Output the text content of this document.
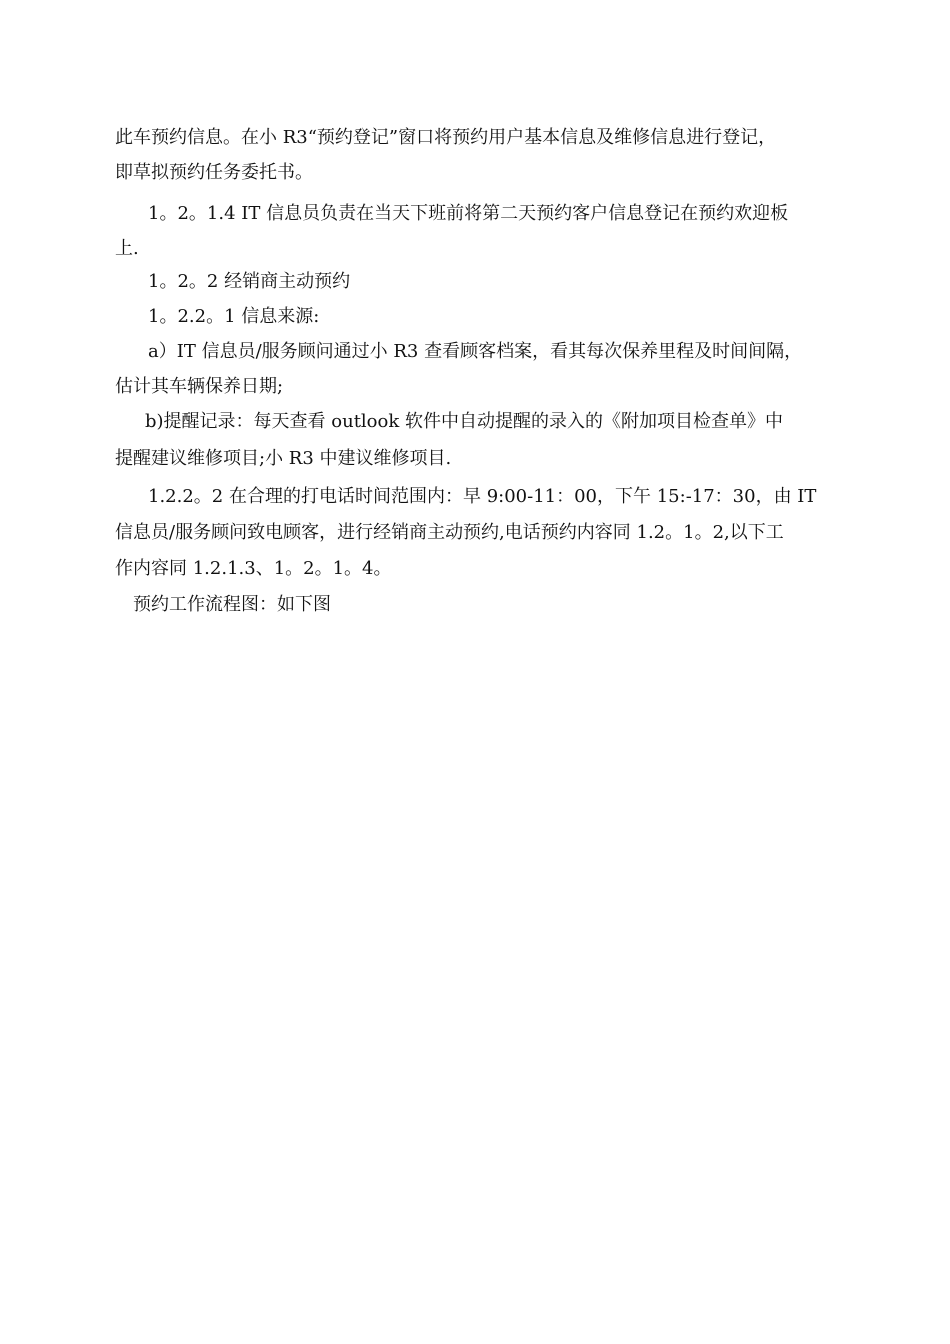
此车预约信息。在小 R3“预约登记”窗口将预约用户基本信息及维修信息进行登记，
即草拟预约任务委托书。
1。2。1.4 IT 信息员负责在当天下班前将第二天预约客户信息登记在预约欢迎板
上.
1。2。2 经销商主动预约
1。2.2。1 信息来源:
a）IT 信息员/服务顾问通过小 R3 查看顾客档案，看其每次保养里程及时间间隔，
估计其车辆保养日期;
b)提醒记录：每天查看 outlook 软件中自动提醒的录入的《附加项目检查单》中
提醒建议维修项目;小 R3 中建议维修项目.
1.2.2。2 在合理的打电话时间范围内：早 9:00-11：00，下午 15:-17：30，由 IT
信息员/服务顾问致电顾客，进行经销商主动预约,电话预约内容同 1.2。1。2,以下工
作内容同 1.2.1.3、1。2。1。4。
预约工作流程图：如下图
